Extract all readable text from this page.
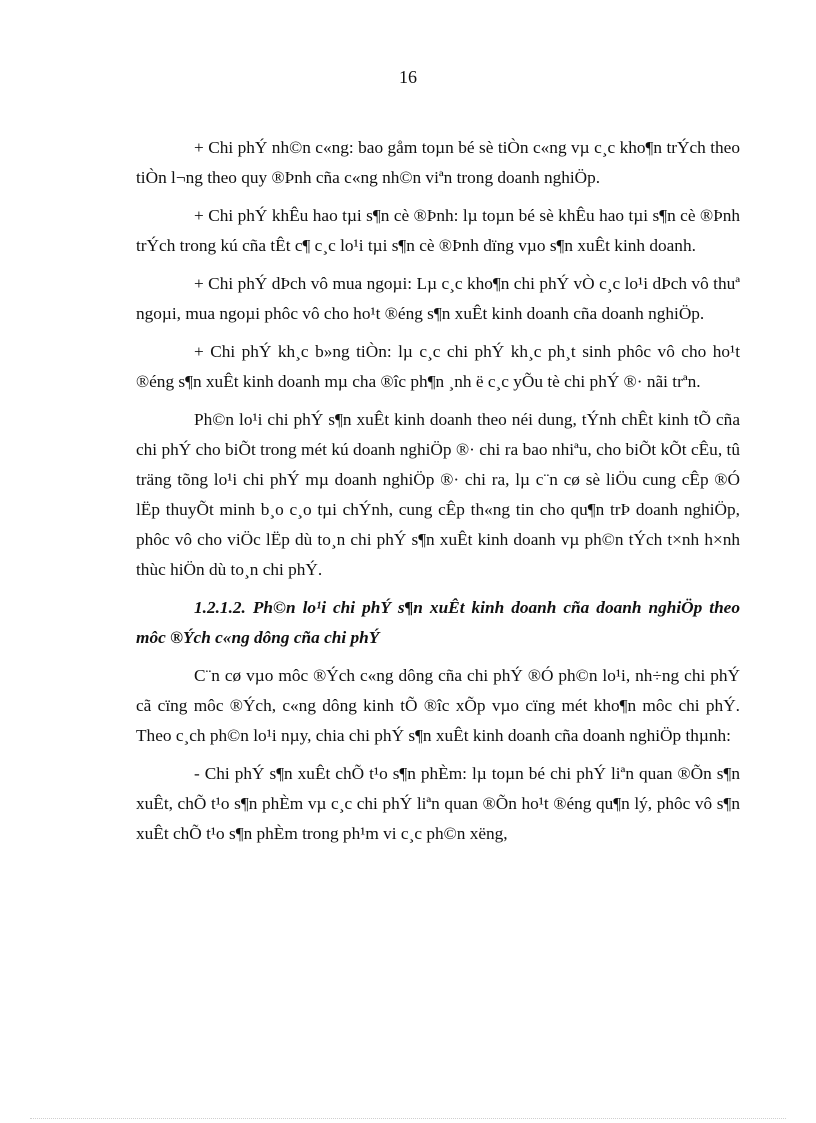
16

+ Chi phÝ nh©n c«ng: bao gåm toµn bé sè tiÒn c«ng vµ c¸c kho¶n trÝch theo tiÒn l¬ng theo quy ®Þnh cña c«ng nh©n viªn trong doanh nghiÖp.

+ Chi phÝ khÊu hao tµi s¶n cè ®Þnh: lµ toµn bé sè khÊu hao tµi s¶n cè ®Þnh trÝch trong kú cña tÊt c¶ c¸c lo¹i tµi s¶n cè ®Þnh dïng vµo s¶n xuÊt kinh doanh.

+ Chi phÝ dÞch vô mua ngoµi: Lµ c¸c kho¶n chi phÝ vÒ c¸c lo¹i dÞch vô thuª ngoµi, mua ngoµi phôc vô cho ho¹t ®éng s¶n xuÊt kinh doanh cña doanh nghiÖp.

+ Chi phÝ kh¸c b»ng tiÒn: lµ c¸c chi phÝ kh¸c ph¸t sinh phôc vô cho ho¹t ®éng s¶n xuÊt kinh doanh mµ cha ®îc ph¶n ¸nh ë c¸c yÕu tè chi phÝ ®· nãi trªn.

Ph©n lo¹i chi phÝ s¶n xuÊt kinh doanh theo néi dung, tÝnh chÊt kinh tÕ cña chi phÝ cho biÕt trong mét kú doanh nghiÖp ®· chi ra bao nhiªu, cho biÕt kÕt cÊu, tû träng tõng lo¹i chi phÝ mµ doanh nghiÖp ®· chi ra, lµ c¨n cø sè liÖu cung cÊp ®Ó lËp thuyÕt minh b¸o c¸o tµi chÝnh, cung cÊp th«ng tin cho qu¶n trÞ doanh nghiÖp, phôc vô cho viÖc lËp dù to¸n chi phÝ s¶n xuÊt kinh doanh vµ ph©n tÝch t×nh h×nh thùc hiÖn dù to¸n chi phÝ.

1.2.1.2. Ph©n lo¹i chi phÝ s¶n xuÊt kinh doanh cña doanh nghiÖp theo môc ®Ých c«ng dông cña chi phÝ

C¨n cø vµo môc ®Ých c«ng dông cña chi phÝ ®Ó ph©n lo¹i, nh÷ng chi phÝ cã cïng môc ®Ých, c«ng dông kinh tÕ ®îc xÕp vµo cïng mét kho¶n môc chi phÝ. Theo c¸ch ph©n lo¹i nµy, chia chi phÝ s¶n xuÊt kinh doanh cña doanh nghiÖp thµnh:

- Chi phÝ s¶n xuÊt chÕ t¹o s¶n phÈm: lµ toµn bé chi phÝ liªn quan ®Õn s¶n xuÊt, chÕ t¹o s¶n phÈm vµ c¸c chi phÝ liªn quan ®Õn ho¹t ®éng qu¶n lý, phôc vô s¶n xuÊt chÕ t¹o s¶n phÈm trong ph¹m vi c¸c ph©n xëng,
